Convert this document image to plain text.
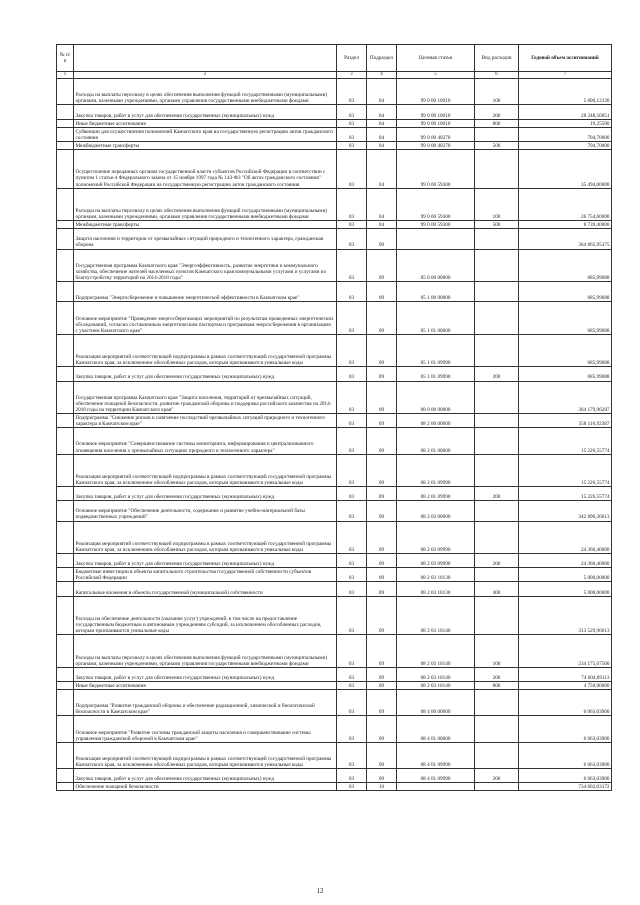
№ п/п		Раздел	Подраздел	Целевая статья	Вид расходов	Годовой объем ассигнований
1	2	3	4	5	6	7
	Расходы на выплаты персоналу в целях обеспечения выполнения функций государственными (муниципальными) органами, казенными учреждениями, органами управления государственными внебюджетными фондами	03	04	99 0 00 10010	100	5 000,12120
	Закупка товаров, работ и услуг для обеспечения государственных (муниципальных) нужд	03	04	99 0 00 10010	200	28 248,50051
	Иные бюджетные ассигнования	03	04	99 0 00 10010	800	19,25500
	Субвенции для осуществления полномочий Камчатского края на государственную регистрацию актов гражданского состояния	03	04	99 0 00 40270		704,70000
	Межбюджетные трансферты	03	04	99 0 00 40270	500	704,70000
	Осуществление переданных органам государственной власти субъектов Российской Федерации в соответствии с пунктом 1 статьи 4 Федерального закона от 15 ноября 1997 года № 143-ФЗ "Об актах гражданского состояния" полномочий Российской Федерации на государственную регистрацию актов гражданского состояния	03	04	99 0 00 59300		35 494,00000
	Расходы на выплаты персоналу в целях обеспечения выполнения функций государственными (муниципальными) органами, казенными учреждениями, органами управления государственными внебюджетными фондами	03	04	99 0 00 59300	100	26 754,60000
	Межбюджетные трансферты	03	04	99 0 00 59300	500	8 739,40000
	Защита населения и территории от чрезвычайных ситуаций природного и техногенного характера, гражданская оборона	03	09			364 865,95375
	Государственная программа Камчатского края "Энергоэффективность, развитие энергетики и коммунального хозяйства, обеспечение жителей населенных пунктов Камчатского края коммунальными услугами и услугами по благоустройству территорий на 2014-2018 годы"	03	09	05 0 00 00000		685,99088
	Подпрограмма "Энергосбережение и повышение энергетической эффективности в Камчатском крае"	03	09	05 1 00 00000		685,99088
	Основное мероприятие "Проведение энергосберегающих мероприятий по результатам проведенных энергетических обследований, согласно составленным энергетическим паспортам и программам энергосбережения в организациях с участием Камчатского края"	03	09	05 1 01 00000		685,99088
	Реализация мероприятий соответствующей подпрограммы в рамках соответствующей государственной программы Камчатского края, за исключением обособленных расходов, которым присваиваются уникальные коды	03	09	05 1 01 09990		685,99088
	Закупка товаров, работ и услуг для обеспечения государственных (муниципальных) нужд	03	09	05 1 01 09990	200	685,99088
	Государственная программа Камчатского края "Защита населения, территорий от чрезвычайных ситуаций, обеспечение пожарной безопасности, развитие гражданской обороны и поддержка российского казачества на 2014-2018 годы на территории Камчатского края"	03	09	08 0 00 00000		364 179,96287
	Подпрограмма "Снижение рисков и смягчение последствий чрезвычайных ситуаций природного и техногенного характера в Камчатском крае"	03	09	08 2 00 00000		358 116,92387
	Основное мероприятие "Совершенствование системы мониторинга, информирования и централизованного оповещения населения о чрезвычайных ситуациях природного и техногенного характера"	03	09	08 2 01 00000		15 226,55774
	Реализация мероприятий соответствующей подпрограммы в рамках соответствующей государственной программы Камчатского края, за исключением обособленных расходов, которым присваиваются уникальные коды	03	09	08 2 01 09990		15 226,55774
	Закупка товаров, работ и услуг для обеспечения государственных (муниципальных) нужд	03	09	08 2 01 09990	200	15 226,55774
	Основное мероприятие "Обеспечение деятельности, содержание и развитие учебно-материальной базы подведомственных учреждений"	03	09	08 2 03 00000		342 890,36613
	Реализация мероприятий соответствующей подпрограммы в рамках соответствующей государственной программы Камчатского края, за исключением обособленных расходов, которым присваиваются уникальные коды	03	09	08 2 03 09990		24 360,40000
	Закупка товаров, работ и услуг для обеспечения государственных (муниципальных) нужд	03	09	08 2 03 09990	200	24 360,40000
	Бюджетные инвестиции в объекты капитального строительства государственной собственности субъектов Российской Федерации	03	09	08 2 03 10130		5 000,00000
	Капитальные вложения в объекты государственной (муниципальной) собственности	03	09	08 2 03 10130	400	5 000,00000
	Расходы на обеспечение деятельности (оказание услуг) учреждений, в том числе на предоставление государственным бюджетным и автономным учреждениям субсидий, за исключением обособленных расходов, которым присваиваются уникальные коды	03	09	08 2 03 10140		313 529,96613
	Расходы на выплаты персоналу в целях обеспечения выполнения функций государственными (муниципальными) органами, казенными учреждениями, органами управления государственными внебюджетными фондами	03	09	08 2 03 10140	100	234 175,07500
	Закупка товаров, работ и услуг для обеспечения государственных (муниципальных) нужд	03	09	08 2 03 10140	200	74 604,89113
	Иные бюджетные ассигнования	03	09	08 2 03 10140	800	4 750,00000
	Подпрограмма "Развитие гражданской обороны и обеспечение радиационной, химической и биологической безопасности в Камчатском крае"	03	09	08 4 00 00000		6 063,03900
	Основное мероприятие "Развитие системы гражданской защиты населения и совершенствование системы управления гражданской обороной в Камчатском крае"	03	09	08 4 01 00000		6 063,03900
	Реализация мероприятий соответствующей подпрограммы в рамках соответствующей государственной программы Камчатского края, за исключением обособленных расходов, которым присваиваются уникальные коды	03	09	08 4 01 09990		6 063,03900
	Закупка товаров, работ и услуг для обеспечения государственных (муниципальных) нужд	03	09	08 4 01 09990	200	6 063,03900
	Обеспечение пожарной безопасности	03	10			734 602,03172
12
